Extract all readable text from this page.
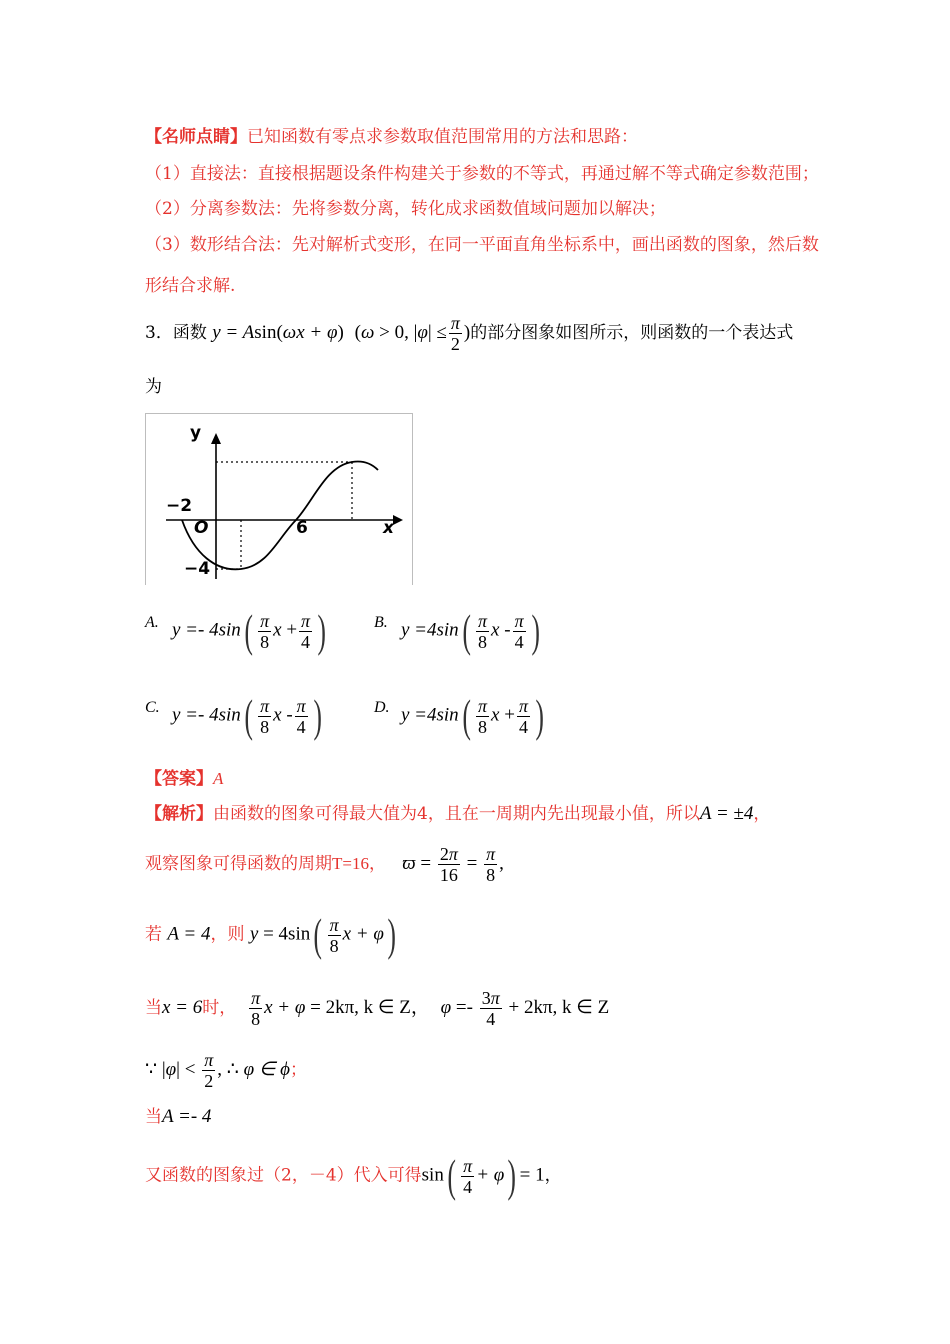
【名师点睛】已知函数有零点求参数取值范围常用的方法和思路：
（1）直接法：直接根据题设条件构建关于参数的不等式，再通过解不等式确定参数范围；
（2）分离参数法：先将参数分离，转化成求函数值域问题加以解决；
（3）数形结合法：先对解析式变形，在同一平面直角坐标系中，画出函数的图象，然后数
形结合求解.
3．函数 y = Asin(ωx + φ) (ω > 0, $|\varphi| \le \frac{\pi}{2}$ )的部分图象如图所示，则函数的一个表达式
为
y
x
−2
O	6
−4
A. $y =- 4\sin( \frac{\pi}{8}$ $x + \frac{\pi}{4}$ )	B. $y =4\sin( \frac{\pi}{8}$ x - $\frac{\pi}{4}$ )
C. $y =- 4\sin( \frac{\pi}{8}$ x - $\frac{\pi}{4}$ )	D. $y =4\sin( \frac{\pi}{8}$ $x + \frac{\pi}{4}$ )
【答案】A
【解析】由函数的图象可得最大值为4，且在一周期内先出现最小值，所以A = ±4，
观察图象可得函数的周期T=16， $ϖ = \frac{2\pi}{16} = \frac{\pi}{8}$ ,
若 A = 4，则 $y = 4\sin( \frac{\pi}{8}$ x + φ)
当x = 6时， $\frac{\pi}{8}$ x + φ = 2kπ, k ∈ Z， $\varphi =- \frac{3\pi}{4} + 2k\pi$, k ∈ Z
∵ $|\varphi| < \frac{\pi}{2}$ , ∴ φ ∈ ϕ；
当A =- 4
又函数的图象过（2，－4）代入可得$\sin( \frac{\pi}{4} + \varphi) = 1$，
